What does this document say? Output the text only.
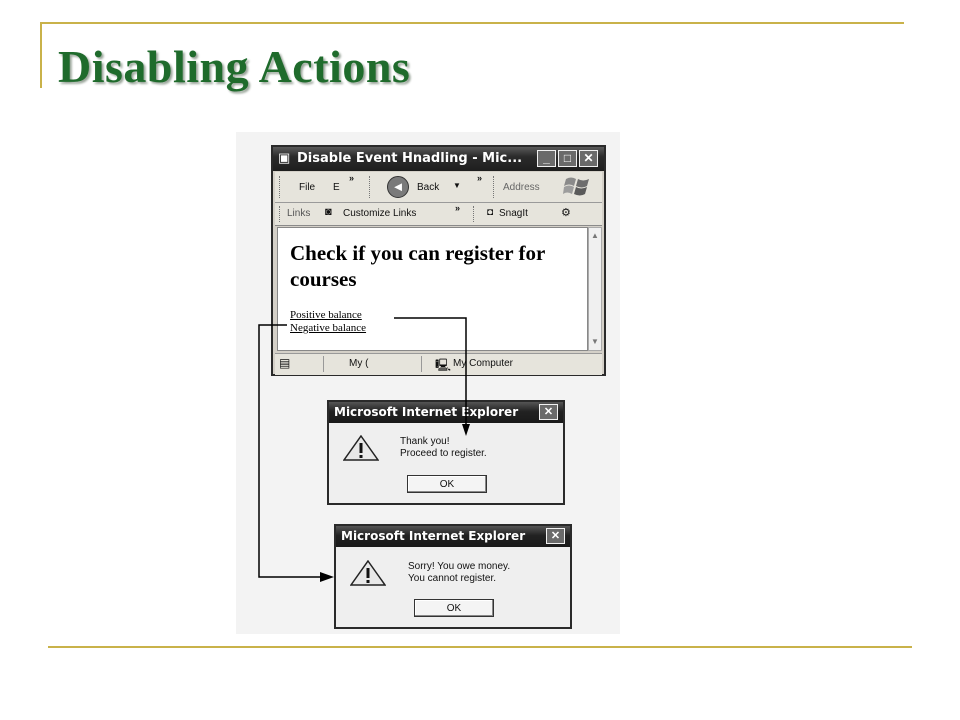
Disabling Actions
▣ Disable Event Hnadling - Mic...	_	□	✕
File E
»
◄	Back ▼
»
Address
Links ◙ Customize Links	»	◘ SnagIt	⚙
Check if you can register for courses
Positive balance
Negative balance
▲
▼
▤	My (	🖳 My Computer
Microsoft Internet Explorer	✕
Thank you!
Proceed to register.
OK
Microsoft Internet Explorer	✕
Sorry! You owe money.
You cannot register.
OK
